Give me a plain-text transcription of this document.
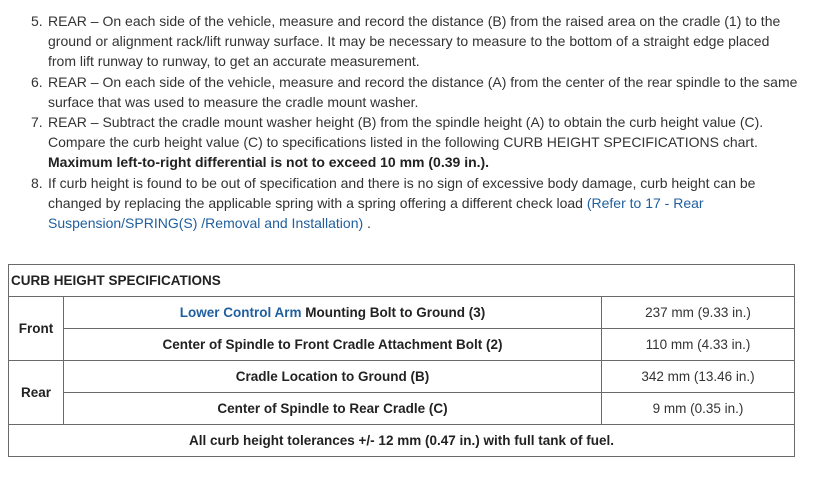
5. REAR – On each side of the vehicle, measure and record the distance (B) from the raised area on the cradle (1) to the ground or alignment rack/lift runway surface. It may be necessary to measure to the bottom of a straight edge placed from lift runway to runway, to get an accurate measurement.
6. REAR – On each side of the vehicle, measure and record the distance (A) from the center of the rear spindle to the same surface that was used to measure the cradle mount washer.
7. REAR – Subtract the cradle mount washer height (B) from the spindle height (A) to obtain the curb height value (C). Compare the curb height value (C) to specifications listed in the following CURB HEIGHT SPECIFICATIONS chart.
Maximum left-to-right differential is not to exceed 10 mm (0.39 in.).
8. If curb height is found to be out of specification and there is no sign of excessive body damage, curb height can be changed by replacing the applicable spring with a spring offering a different check load (Refer to 17 - Rear Suspension/SPRING(S) /Removal and Installation) .
CURB HEIGHT SPECIFICATIONS		
Front	Lower Control Arm Mounting Bolt to Ground (3)	237 mm (9.33 in.)
	Center of Spindle to Front Cradle Attachment Bolt (2)	110 mm (4.33 in.)
Rear	Cradle Location to Ground (B)	342 mm (13.46 in.)
	Center of Spindle to Rear Cradle (C)	9 mm (0.35 in.)
All curb height tolerances +/- 12 mm (0.47 in.) with full tank of fuel.		
